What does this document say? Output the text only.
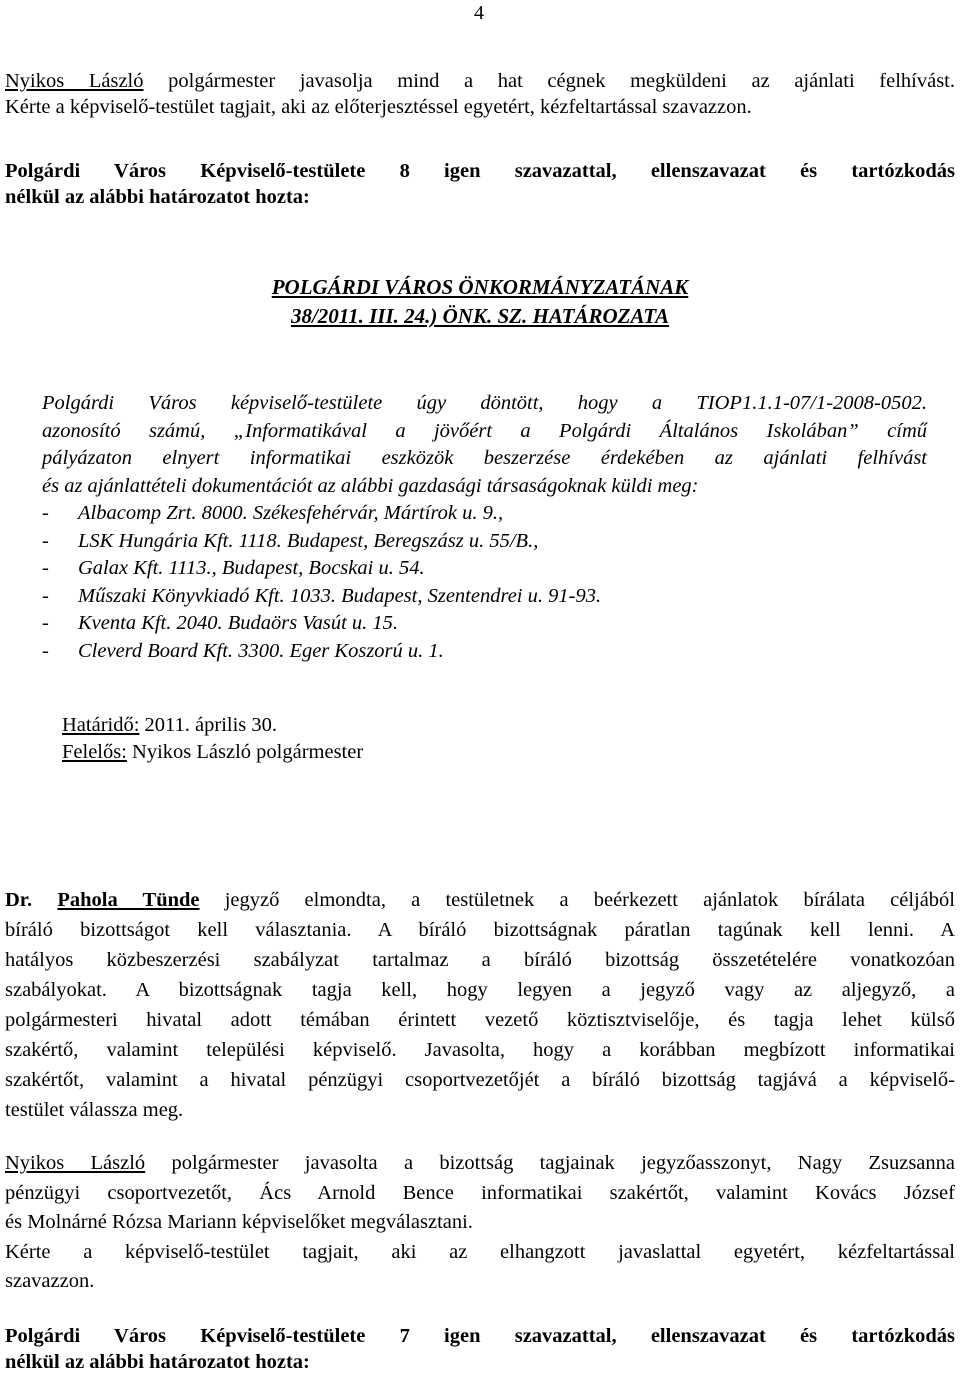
4
Nyikos László polgármester javasolja mind a hat cégnek megküldeni az ajánlati felhívást.
Kérte a képviselő-testület tagjait, aki az előterjesztéssel egyetért, kézfeltartással szavazzon.
Polgárdi Város Képviselő-testülete 8 igen szavazattal, ellenszavazat és tartózkodás
nélkül az alábbi határozatot hozta:
POLGÁRDI VÁROS ÖNKORMÁNYZATÁNAK
38/2011. III. 24.) ÖNK. SZ. HATÁROZATA
Polgárdi Város képviselő-testülete úgy döntött, hogy a TIOP1.1.1-07/1-2008-0502.
azonosító számú, „Informatikával a jövőért a Polgárdi Általános Iskolában” című
pályázaton elnyert informatikai eszközök beszerzése érdekében az ajánlati felhívást
és az ajánlattételi dokumentációt az alábbi gazdasági társaságoknak küldi meg:
- Albacomp Zrt. 8000. Székesfehérvár, Mártírok u. 9.,
- LSK Hungária Kft. 1118. Budapest, Beregszász u. 55/B.,
- Galax Kft. 1113., Budapest, Bocskai u. 54.
- Műszaki Könyvkiadó Kft. 1033. Budapest, Szentendrei u. 91-93.
- Kventa Kft. 2040. Budaörs Vasút u. 15.
- Cleverd Board Kft. 3300. Eger Koszorú u. 1.
Határidő: 2011. április 30.
Felelős: Nyikos László polgármester
Dr. Pahola Tünde jegyző elmondta, a testületnek a beérkezett ajánlatok bírálata céljából
bíráló bizottságot kell választania. A bíráló bizottságnak páratlan tagúnak kell lenni. A
hatályos közbeszerzési szabályzat tartalmaz a bíráló bizottság összetételére vonatkozóan
szabályokat. A bizottságnak tagja kell, hogy legyen a jegyző vagy az aljegyző, a
polgármesteri hivatal adott témában érintett vezető köztisztviselője, és tagja lehet külső
szakértő, valamint települési képviselő. Javasolta, hogy a korábban megbízott informatikai
szakértőt, valamint a hivatal pénzügyi csoportvezetőjét a bíráló bizottság tagjává a képviselő-
testület válassza meg.
Nyikos László polgármester javasolta a bizottság tagjainak jegyzőasszonyt, Nagy Zsuzsanna
pénzügyi csoportvezetőt, Ács Arnold Bence informatikai szakértőt, valamint Kovács József
és Molnárné Rózsa Mariann képviselőket megválasztani.
Kérte a képviselő-testület tagjait, aki az elhangzott javaslattal egyetért, kézfeltartással
szavazzon.
Polgárdi Város Képviselő-testülete 7 igen szavazattal, ellenszavazat és tartózkodás
nélkül az alábbi határozatot hozta:
